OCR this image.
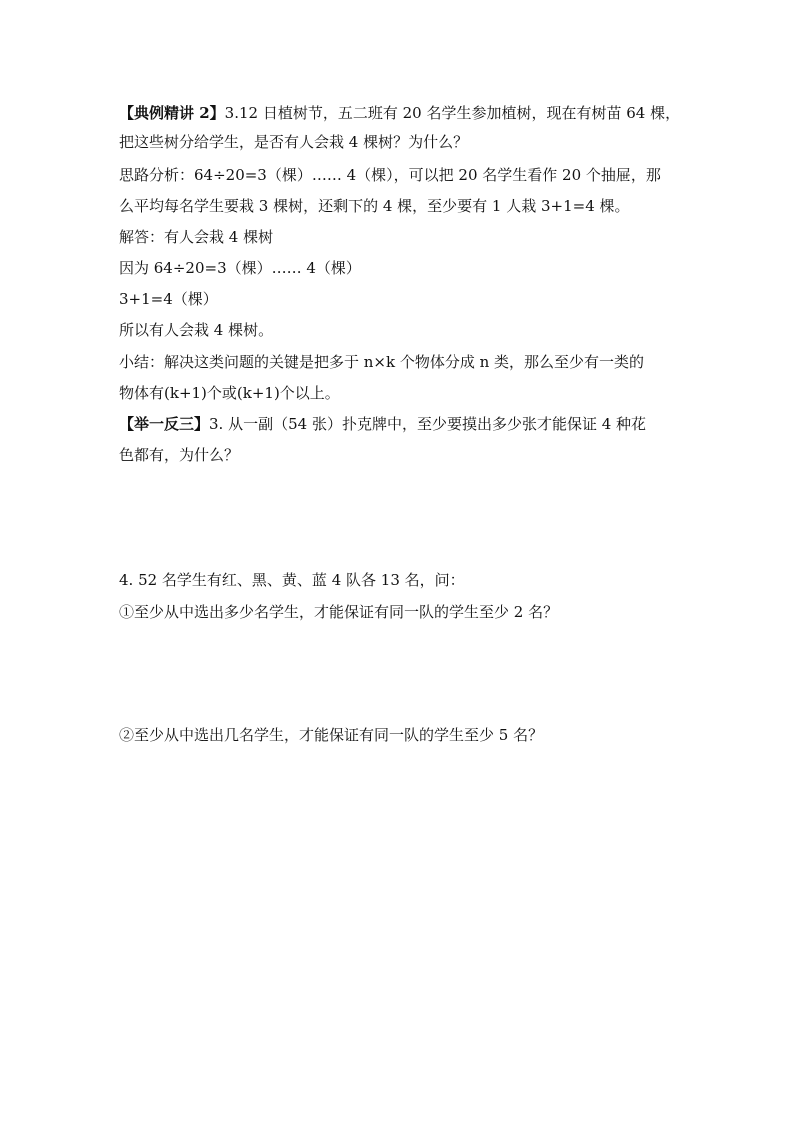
【典例精讲 2】3.12 日植树节，五二班有 20 名学生参加植树，现在有树苗 64 棵，
把这些树分给学生，是否有人会栽 4 棵树？为什么？
思路分析：64÷20=3（棵）…… 4（棵），可以把 20 名学生看作 20 个抽屉，那
么平均每名学生要栽 3 棵树，还剩下的 4 棵，至少要有 1 人栽 3+1=4 棵。
解答：有人会栽 4 棵树
因为 64÷20=3（棵）…… 4（棵）
3+1=4（棵）
所以有人会栽 4 棵树。
小结：解决这类问题的关键是把多于 n×k 个物体分成 n 类，那么至少有一类的
物体有(k+1)个或(k+1)个以上。
【举一反三】3. 从一副（54 张）扑克牌中，至少要摸出多少张才能保证 4 种花
色都有，为什么？
4. 52 名学生有红、黑、黄、蓝 4 队各 13 名，问：
①至少从中选出多少名学生，才能保证有同一队的学生至少 2 名？
②至少从中选出几名学生，才能保证有同一队的学生至少 5 名？
